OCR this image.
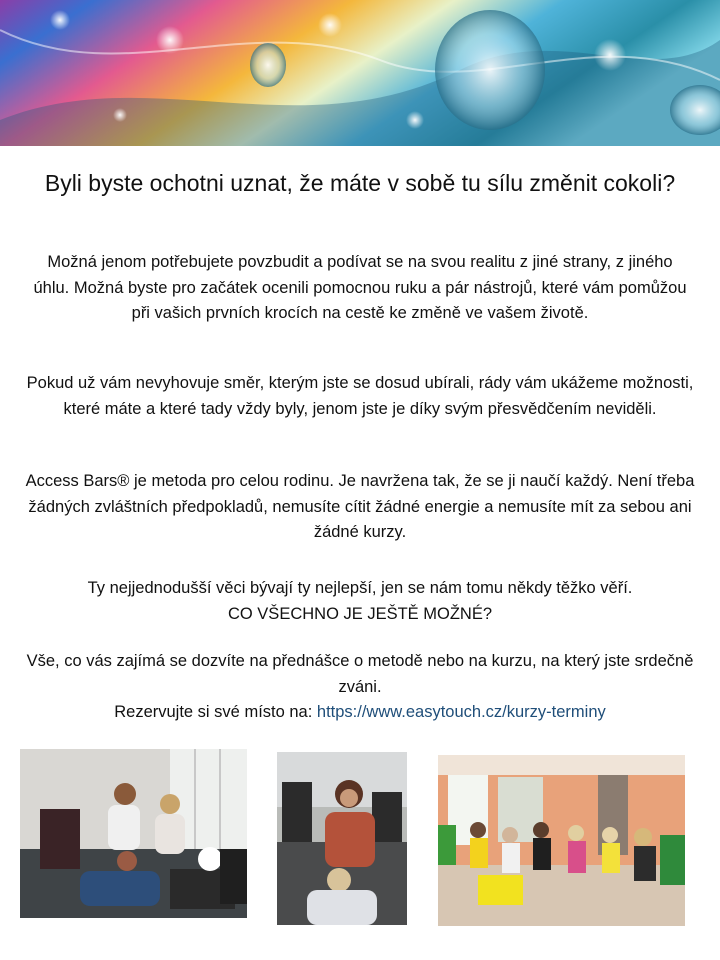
Byli byste ochotni uznat, že máte v sobě tu sílu změnit cokoli?

Možná jenom potřebujete povzbudit a podívat se na svou realitu z jiné strany, z jiného úhlu. Možná byste pro začátek ocenili pomocnou ruku a pár nástrojů, které vám pomůžou při vašich prvních krocích na cestě ke změně ve vašem životě.

Pokud už vám nevyhovuje směr, kterým jste se dosud ubírali, rády vám ukážeme možnosti, které máte a které tady vždy byly, jenom jste je díky svým přesvědčením neviděli.

Access Bars® je metoda pro celou rodinu. Je navržena tak, že se ji naučí každý. Není třeba žádných zvláštních předpokladů, nemusíte cítit žádné energie a nemusíte mít za sebou ani žádné kurzy.

Ty nejjednodušší věci bývají ty nejlepší, jen se nám tomu někdy těžko věří.
CO VŠECHNO JE JEŠTĚ MOŽNÉ?
Vše, co vás zajímá se dozvíte na přednášce o metodě nebo na kurzu, na který jste srdečně zváni.
Rezervujte si své místo na: https://www.easytouch.cz/kurzy-terminy
